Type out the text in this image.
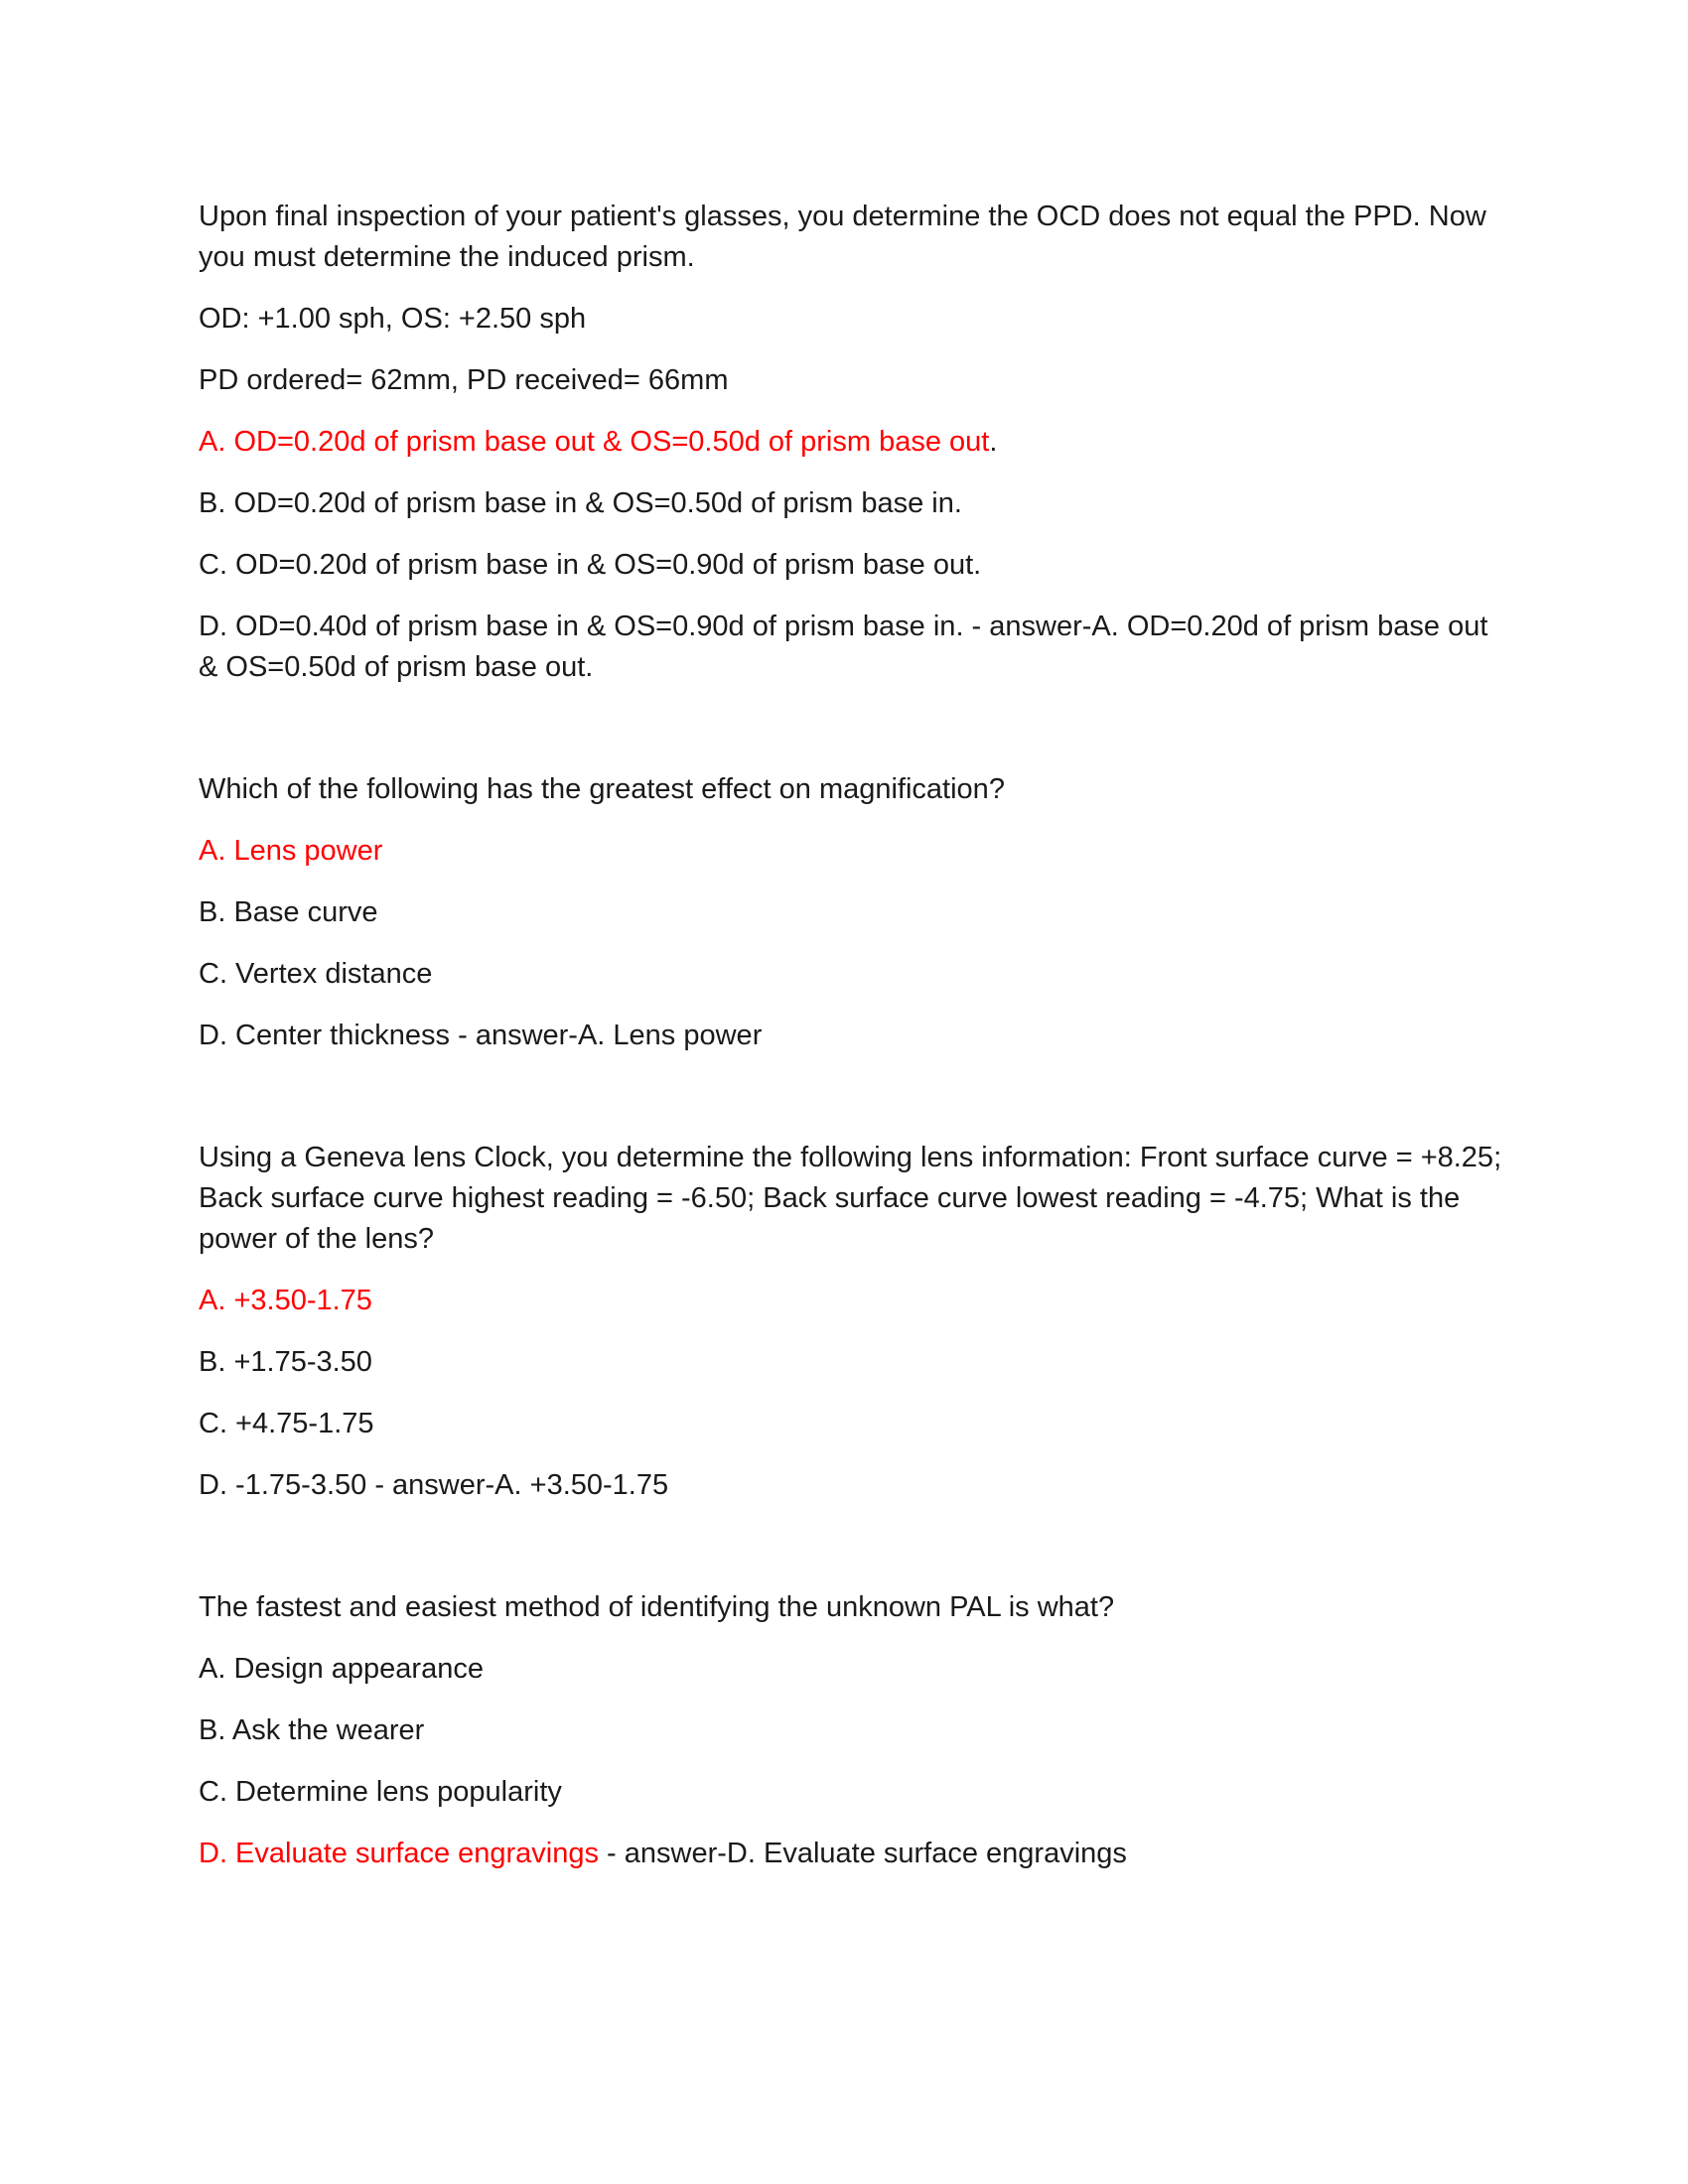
Upon final inspection of your patient's glasses, you determine the OCD does not equal the PPD. Now you must determine the induced prism.

OD: +1.00 sph, OS: +2.50 sph

PD ordered= 62mm, PD received= 66mm

A. OD=0.20d of prism base out & OS=0.50d of prism base out.

B. OD=0.20d of prism base in & OS=0.50d of prism base in.

C. OD=0.20d of prism base in & OS=0.90d of prism base out.

D. OD=0.40d of prism base in & OS=0.90d of prism base in. - answer-A. OD=0.20d of prism base out & OS=0.50d of prism base out.

Which of the following has the greatest effect on magnification?

A. Lens power

B. Base curve

C. Vertex distance

D. Center thickness - answer-A. Lens power

Using a Geneva lens Clock, you determine the following lens information: Front surface curve = +8.25; Back surface curve highest reading = -6.50; Back surface curve lowest reading = -4.75; What is the power of the lens?

A. +3.50-1.75

B. +1.75-3.50

C. +4.75-1.75

D. -1.75-3.50 - answer-A. +3.50-1.75

The fastest and easiest method of identifying the unknown PAL is what?

A. Design appearance

B. Ask the wearer

C. Determine lens popularity

D. Evaluate surface engravings - answer-D. Evaluate surface engravings
